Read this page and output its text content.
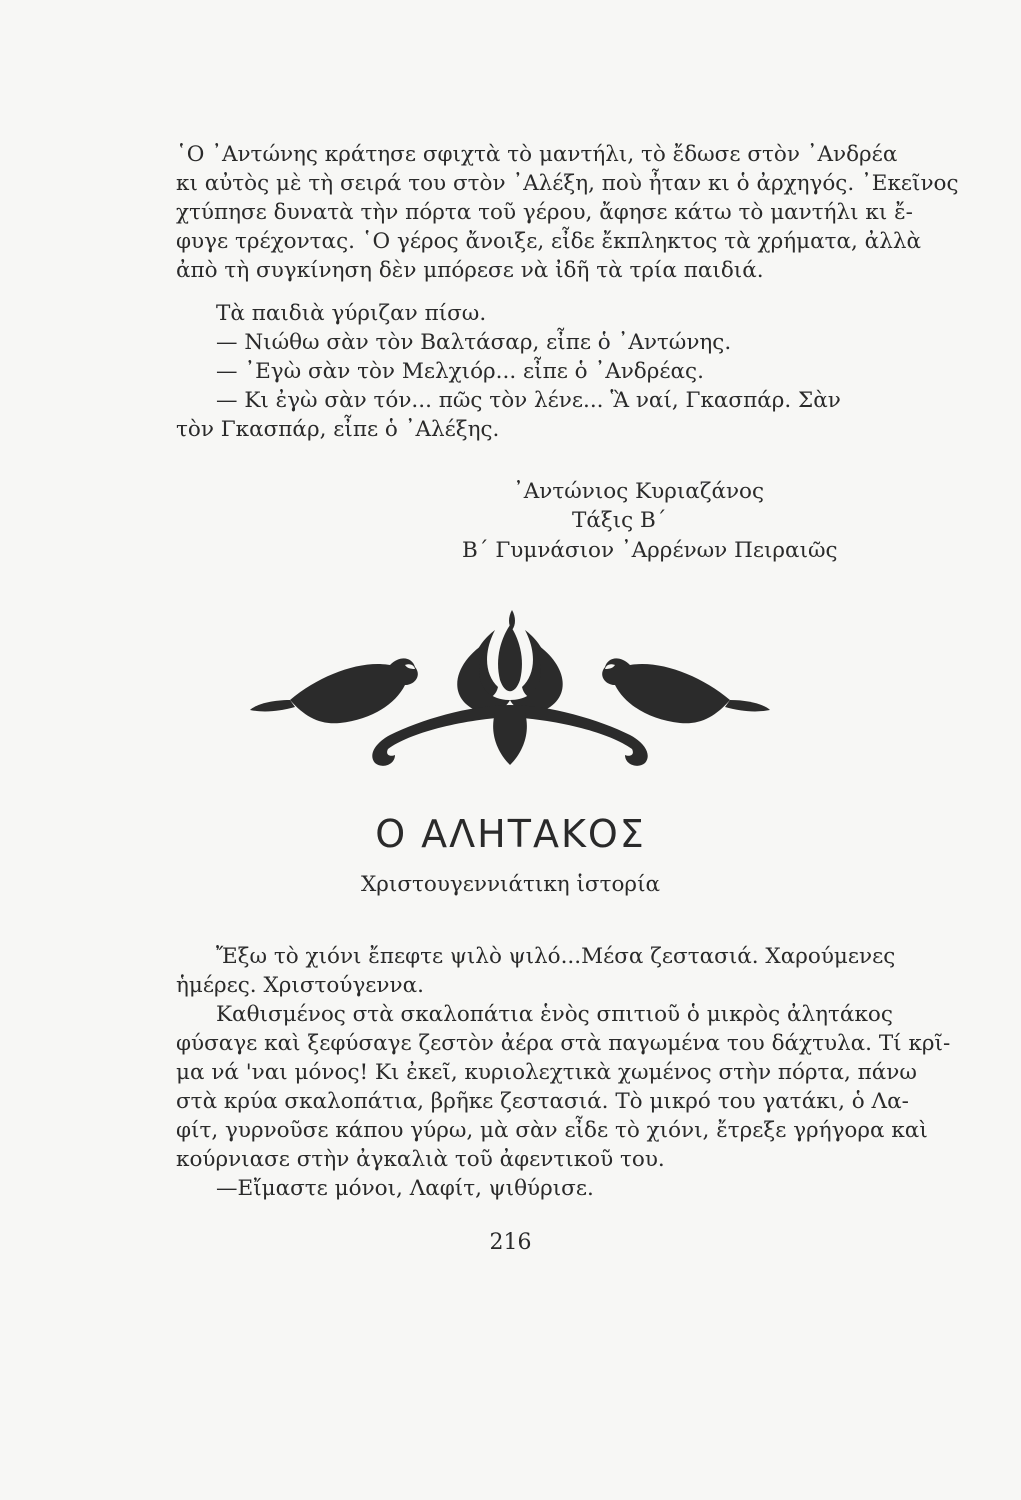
῾Ο ᾿Αντώνης κράτησε σφιχτὰ τὸ μαντήλι, τὸ ἔδωσε στὸν ᾿Ανδρέα
κι αὐτὸς μὲ τὴ σειρά του στὸν ᾿Αλέξη, ποὺ ἦταν κι ὁ ἀρχηγός. ᾿Εκεῖνος
χτύπησε δυνατὰ τὴν πόρτα τοῦ γέρου, ἄφησε κάτω τὸ μαντήλι κι ἔ-
φυγε τρέχοντας. ῾Ο γέρος ἄνοιξε, εἶδε ἔκπληκτος τὰ χρήματα, ἀλλὰ
ἀπὸ τὴ συγκίνηση δὲν μπόρεσε νὰ ἰδῆ τὰ τρία παιδιά.
Τὰ παιδιὰ γύριζαν πίσω.
— Νιώθω σὰν τὸν Βαλτάσαρ, εἶπε ὁ ᾿Αντώνης.
— ᾿Εγὼ σὰν τὸν Μελχιόρ... εἶπε ὁ ᾿Ανδρέας.
— Κι ἐγὼ σὰν τόν... πῶς τὸν λένε... Ἃ ναί, Γκασπάρ. Σὰν
τὸν Γκασπάρ, εἶπε ὁ ᾿Αλέξης.
᾿Αντώνιος Κυριαζάνος
Τάξις Β΄
Β΄ Γυμνάσιον ᾿Αρρένων Πειραιῶς
Ο ΑΛΗΤΑΚΟΣ
Χριστουγεννιάτικη ἱστορία
Ἔξω τὸ χιόνι ἔπεφτε ψιλὸ ψιλό...Μέσα ζεστασιά. Χαρούμενες
ἡμέρες. Χριστούγεννα.
Καθισμένος στὰ σκαλοπάτια ἑνὸς σπιτιοῦ ὁ μικρὸς ἀλητάκος
φύσαγε καὶ ξεφύσαγε ζεστὸν ἀέρα στὰ παγωμένα του δάχτυλα. Τί κρῖ-
μα νά 'ναι μόνος! Κι ἐκεῖ, κυριολεχτικὰ χωμένος στὴν πόρτα, πάνω
στὰ κρύα σκαλοπάτια, βρῆκε ζεστασιά. Τὸ μικρό του γατάκι, ὁ Λα-
φίτ, γυρνοῦσε κάπου γύρω, μὰ σὰν εἶδε τὸ χιόνι, ἔτρεξε γρήγορα καὶ
κούρνιασε στὴν ἀγκαλιὰ τοῦ ἀφεντικοῦ του.
—Εἴμαστε μόνοι, Λαφίτ, ψιθύρισε.
216
